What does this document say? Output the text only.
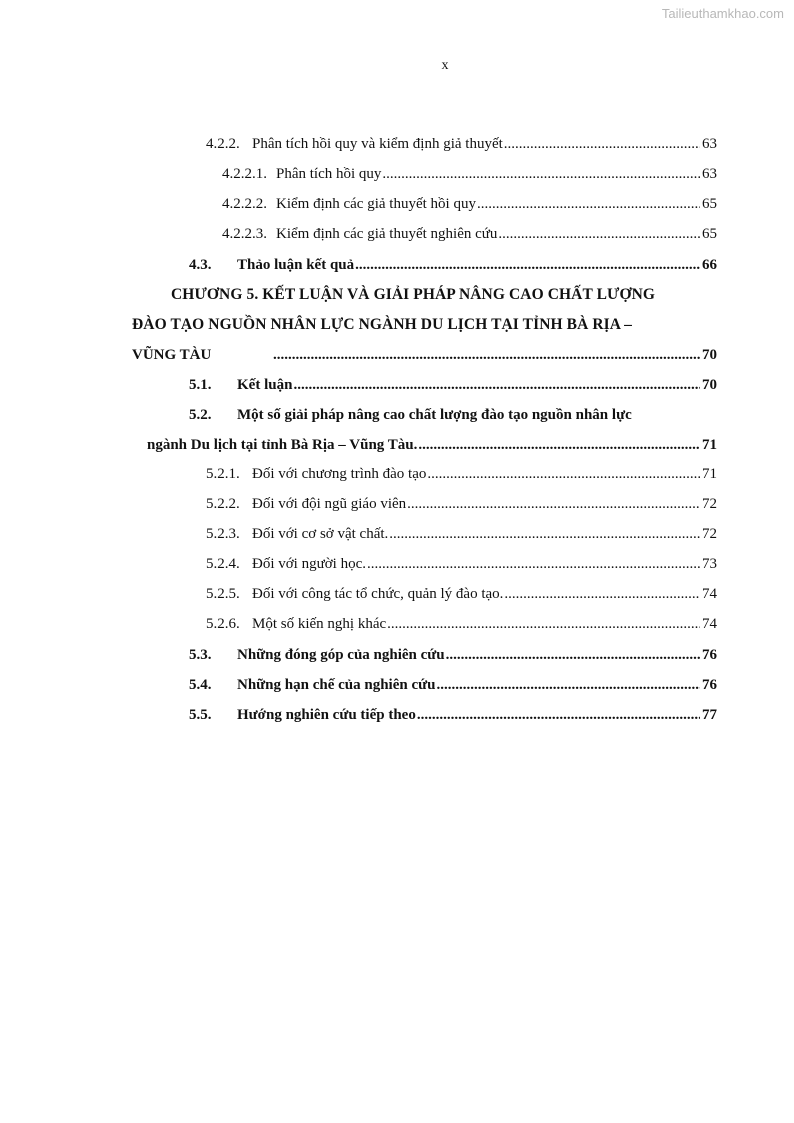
Tailieuthamkhao.com
x
4.2.2. Phân tích hồi quy và kiểm định giả thuyết .....	63
4.2.2.1. Phân tích hồi quy .....	63
4.2.2.2. Kiểm định các giả thuyết hồi quy .....	65
4.2.2.3. Kiểm định các giả thuyết nghiên cứu .....	65
4.3.	Thảo luận kết quả .....	66
CHƯƠNG 5. KẾT LUẬN VÀ GIẢI PHÁP NÂNG CAO CHẤT LƯỢNG
ĐÀO TẠO NGUỒN NHÂN LỰC NGÀNH DU LỊCH TẠI TỈNH BÀ RỊA –
VŨNG TÀU .....	70
5.1.	Kết luận .....	70
5.2.	Một số giải pháp nâng cao chất lượng đào tạo nguồn nhân lực
ngành Du lịch tại tỉnh Bà Rịa – Vũng Tàu. .....	71
5.2.1. Đối với chương trình đào tạo .....	71
5.2.2. Đối với đội ngũ giáo viên .....	72
5.2.3. Đối với cơ sở vật chất. .....	72
5.2.4. Đối với người học. .....	73
5.2.5. Đối với công tác tổ chức, quản lý đào tạo. .....	74
5.2.6. Một số kiến nghị khác .....	74
5.3.	Những đóng góp của nghiên cứu .....	76
5.4.	Những hạn chế của nghiên cứu .....	76
5.5.	Hướng nghiên cứu tiếp theo .....	77
